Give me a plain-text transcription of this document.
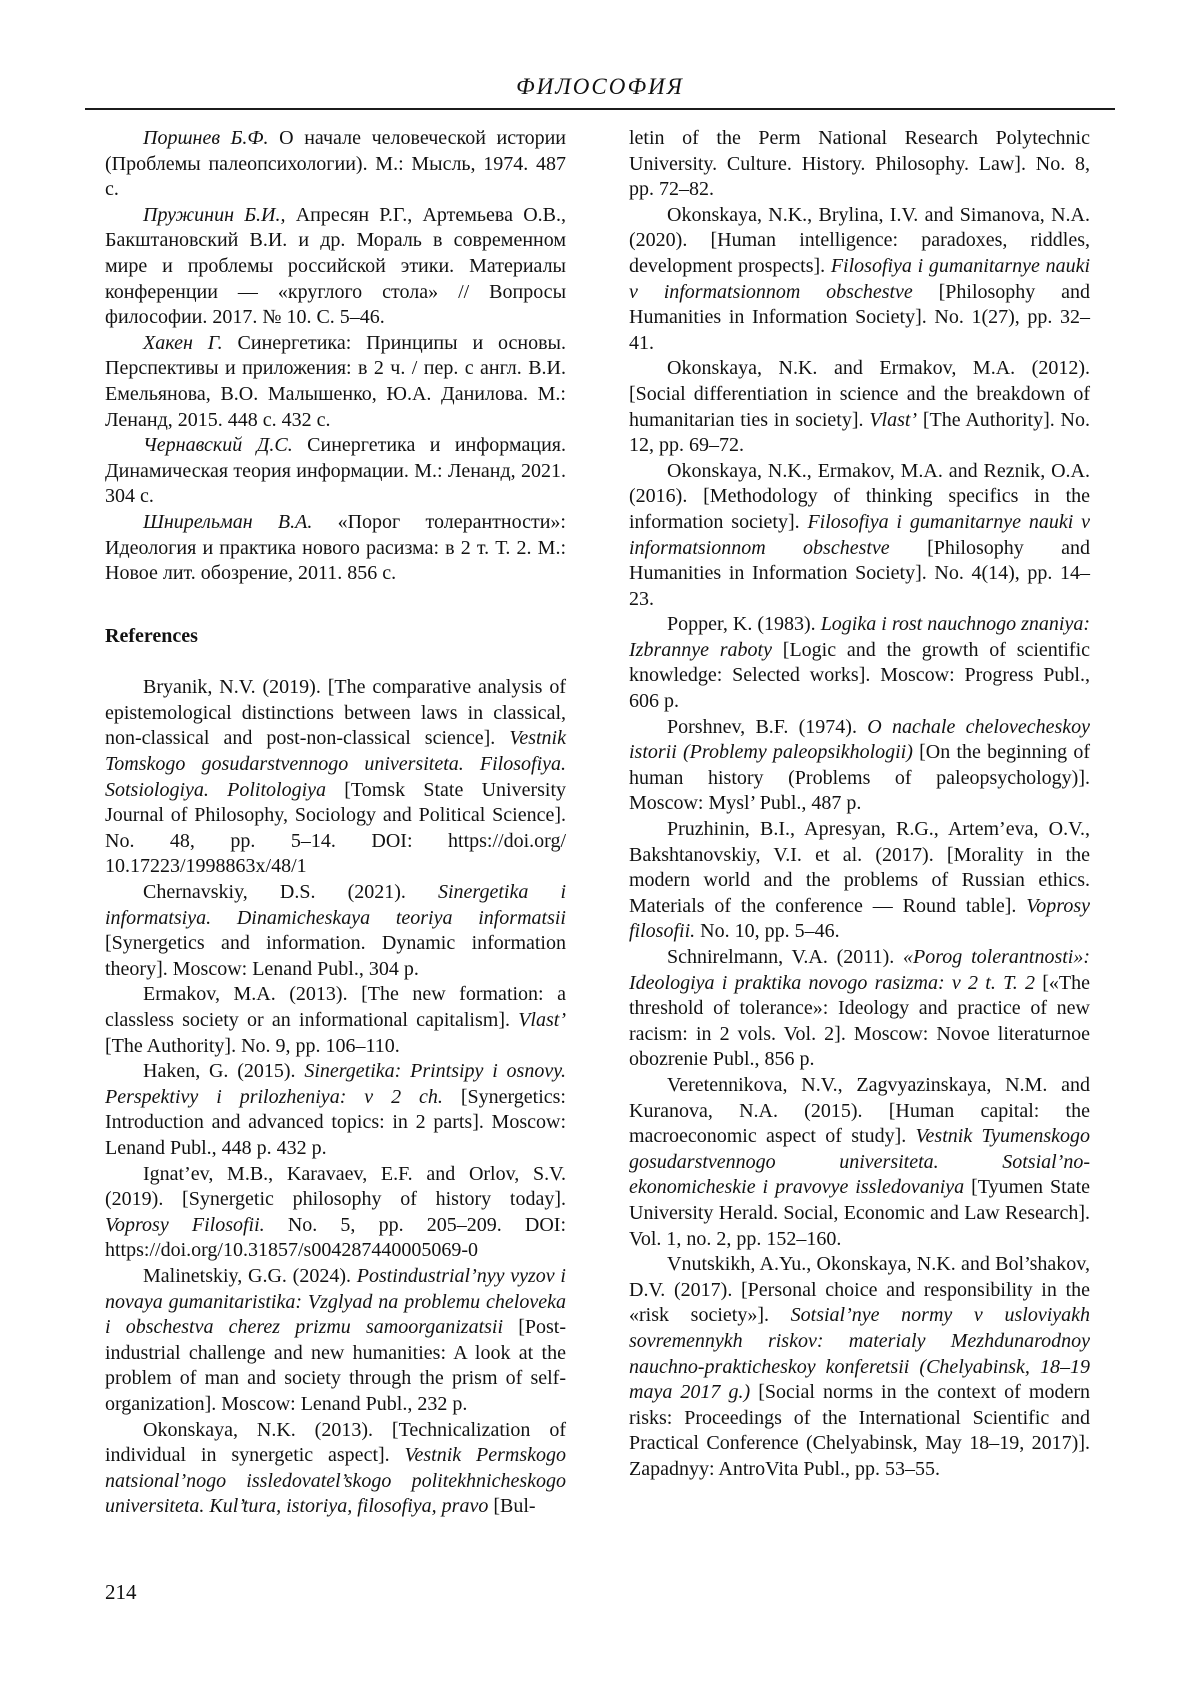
ФИЛОСОФИЯ

Поршнев Б.Ф. О начале человеческой истории (Проблемы палеопсихологии). М.: Мысль, 1974. 487 с.

Пружинин Б.И., Апресян Р.Г., Артемьева О.В., Бакштановский В.И. и др. Мораль в современном мире и проблемы российской этики. Материалы конференции — «круглого стола» // Вопросы философии. 2017. № 10. С. 5–46.

Хакен Г. Синергетика: Принципы и основы. Перспективы и приложения: в 2 ч. / пер. с англ. В.И. Емельянова, В.О. Малышенко, Ю.А. Данилова. М.: Ленанд, 2015. 448 с. 432 с.

Чернавский Д.С. Синергетика и информация. Динамическая теория информации. М.: Ленанд, 2021. 304 с.

Шнирельман В.А. «Порог толерантности»: Идеология и практика нового расизма: в 2 т. Т. 2. М.: Новое лит. обозрение, 2011. 856 с.

References

Bryanik, N.V. (2019). [The comparative analysis of epistemological distinctions between laws in classical, non-classical and post-non-classical science]. Vestnik Tomskogo gosudarstvennogo universiteta. Filosofiya. Sotsiologiya. Politologiya [Tomsk State University Journal of Philosophy, Sociology and Political Science]. No. 48, pp. 5–14. DOI: https://doi.org/ 10.17223/1998863x/48/1

Chernavskiy, D.S. (2021). Sinergetika i informatsiya. Dinamicheskaya teoriya informatsii [Synergetics and information. Dynamic information theory]. Moscow: Lenand Publ., 304 p.

Ermakov, M.A. (2013). [The new formation: a classless society or an informational capitalism]. Vlast’ [The Authority]. No. 9, pp. 106–110.

Haken, G. (2015). Sinergetika: Printsipy i osnovy. Perspektivy i prilozheniya: v 2 ch. [Synergetics: Introduction and advanced topics: in 2 parts]. Moscow: Lenand Publ., 448 p. 432 p.

Ignat’ev, M.B., Karavaev, E.F. and Orlov, S.V. (2019). [Synergetic philosophy of history today]. Voprosy Filosofii. No. 5, pp. 205–209. DOI: https://doi.org/10.31857/s004287440005069-0

Malinetskiy, G.G. (2024). Postindustrial’nyy vyzov i novaya gumanitaristika: Vzglyad na problemu cheloveka i obschestva cherez prizmu samoorganizatsii [Post-industrial challenge and new humanities: A look at the problem of man and society through the prism of self-organization]. Moscow: Lenand Publ., 232 p.

Okonskaya, N.K. (2013). [Technicalization of individual in synergetic aspect]. Vestnik Permskogo natsional’nogo issledovatel’skogo politekhnicheskogo universiteta. Kul’tura, istoriya, filosofiya, pravo [Bul-

letin of the Perm National Research Polytechnic University. Culture. History. Philosophy. Law]. No. 8, pp. 72–82.

Okonskaya, N.K., Brylina, I.V. and Simanova, N.A. (2020). [Human intelligence: paradoxes, riddles, development prospects]. Filosofiya i gumanitarnye nauki v informatsionnom obschestve [Philosophy and Humanities in Information Society]. No. 1(27), pp. 32–41.

Okonskaya, N.K. and Ermakov, M.A. (2012). [Social differentiation in science and the breakdown of humanitarian ties in society]. Vlast’ [The Authority]. No. 12, pp. 69–72.

Okonskaya, N.K., Ermakov, M.A. and Reznik, O.A. (2016). [Methodology of thinking specifics in the information society]. Filosofiya i gumanitarnye nauki v informatsionnom obschestve [Philosophy and Humanities in Information Society]. No. 4(14), pp. 14–23.

Popper, K. (1983). Logika i rost nauchnogo znaniya: Izbrannye raboty [Logic and the growth of scientific knowledge: Selected works]. Moscow: Progress Publ., 606 p.

Porshnev, B.F. (1974). O nachale chelovecheskoy istorii (Problemy paleopsikhologii) [On the beginning of human history (Problems of paleopsychology)]. Moscow: Mysl’ Publ., 487 p.

Pruzhinin, B.I., Apresyan, R.G., Artem’eva, O.V., Bakshtanovskiy, V.I. et al. (2017). [Morality in the modern world and the problems of Russian ethics. Materials of the conference — Round table]. Voprosy filosofii. No. 10, pp. 5–46.

Schnirelmann, V.A. (2011). «Porog tolerantnosti»: Ideologiya i praktika novogo rasizma: v 2 t. T. 2 [«The threshold of tolerance»: Ideology and practice of new racism: in 2 vols. Vol. 2]. Moscow: Novoe literaturnoe obozrenie Publ., 856 p.

Veretennikova, N.V., Zagvyazinskaya, N.M. and Kuranova, N.A. (2015). [Human capital: the macroeconomic aspect of study]. Vestnik Tyumenskogo gosudarstvennogo universiteta. Sotsial’no-ekonomicheskie i pravovye issledovaniya [Tyumen State University Herald. Social, Economic and Law Research]. Vol. 1, no. 2, pp. 152–160.

Vnutskikh, A.Yu., Okonskaya, N.K. and Bol’shakov, D.V. (2017). [Personal choice and responsibility in the «risk society»]. Sotsial’nye normy v usloviyakh sovremennykh riskov: materialy Mezhdunarodnoy nauchno-prakticheskoy konferetsii (Chelyabinsk, 18–19 maya 2017 g.) [Social norms in the context of modern risks: Proceedings of the International Scientific and Practical Conference (Chelyabinsk, May 18–19, 2017)]. Zapadnyy: AntroVita Publ., pp. 53–55.

214
